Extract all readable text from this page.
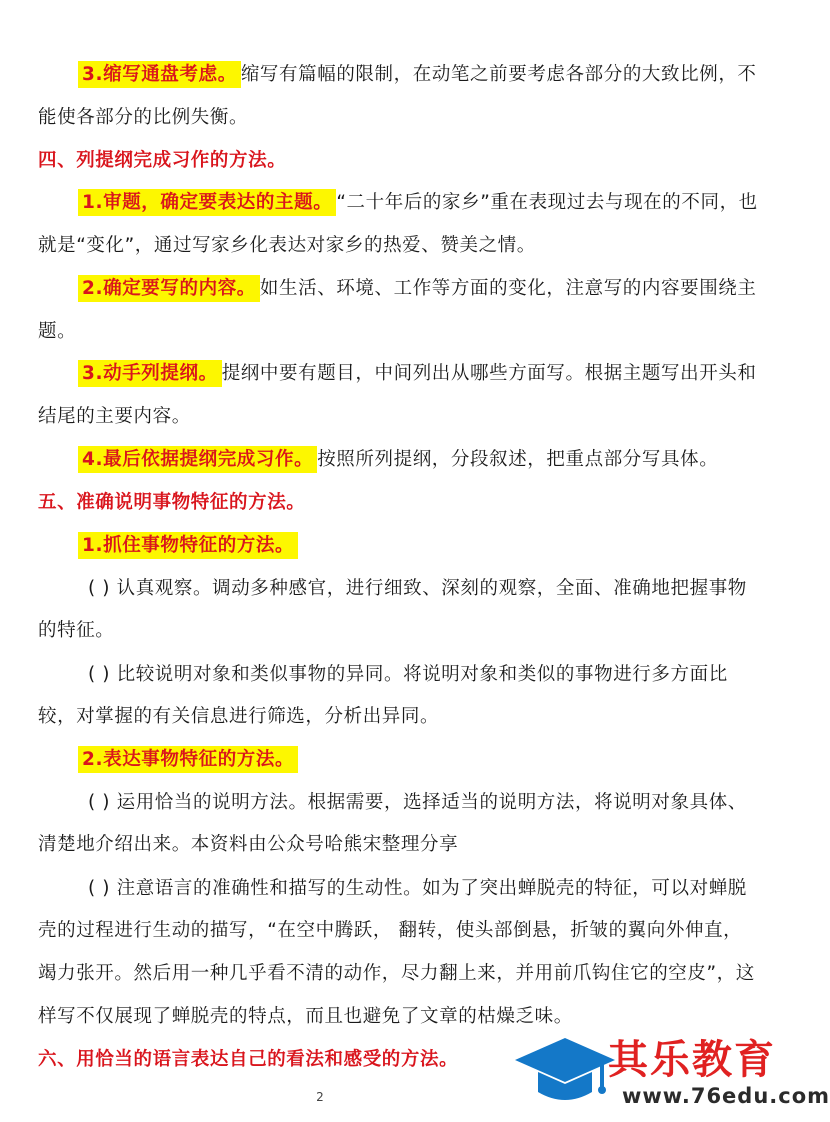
3.缩写通盘考虑。 缩写有篇幅的限制，在动笔之前要考虑各部分的大致比例，不
能使各部分的比例失衡。
四、列提纲完成习作的方法。
1.审题，确定要表达的主题。 “二十年后的家乡”重在表现过去与现在的不同，也
就是“变化”，通过写家乡化表达对家乡的热爱、赞美之情。
2.确定要写的内容。 如生活、环境、工作等方面的变化，注意写的内容要围绕主
题。
3.动手列提纲。 提纲中要有题目，中间列出从哪些方面写。根据主题写出开头和
结尾的主要内容。
4.最后依据提纲完成习作。 按照所列提纲，分段叙述，把重点部分写具体。
五、准确说明事物特征的方法。
1.抓住事物特征的方法。
( ) 认真观察。调动多种感官，进行细致、深刻的观察，全面、准确地把握事物
的特征。
( ) 比较说明对象和类似事物的异同。将说明对象和类似的事物进行多方面比
较，对掌握的有关信息进行筛选，分析出异同。
2.表达事物特征的方法。
( ) 运用恰当的说明方法。根据需要，选择适当的说明方法，将说明对象具体、
清楚地介绍出来。本资料由公众号哈熊宋整理分享
( ) 注意语言的准确性和描写的生动性。如为了突出蝉脱壳的特征，可以对蝉脱
壳的过程进行生动的描写，“在空中腾跃， 翻转，使头部倒悬，折皱的翼向外伸直，
竭力张开。然后用一种几乎看不清的动作，尽力翻上来，并用前爪钩住它的空皮”，这
样写不仅展现了蝉脱壳的特点，而且也避免了文章的枯燥乏味。
六、用恰当的语言表达自己的看法和感受的方法。
2
其乐教育
www.76edu.com
